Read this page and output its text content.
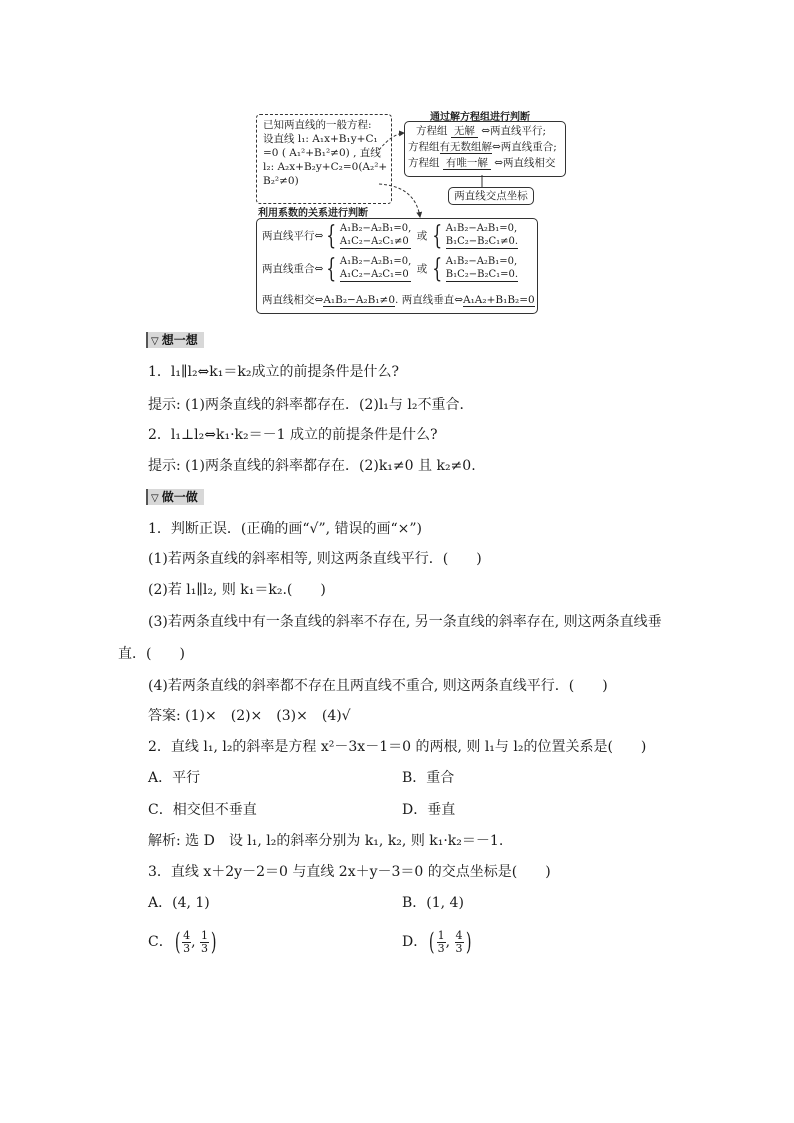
已知两直线的一般方程:
设直线 l₁: A₁x+B₁y+C₁
=0 ( A₁²+B₁²≠0) , 直线
l₂: A₂x+B₂y+C₂=0(A₂²+
B₂²≠0)
通过解方程组进行判断
方程组 无解 ⇔两直线平行;
方程组有无数组解⇔两直线重合;
方程组 有唯一解 ⇔两直线相交
两直线交点坐标
利用系数的关系进行判断
两直线平行⇔ { A₁B₂−A₂B₁=0,
A₁C₂−A₂C₁≠0 或 { A₁B₂−A₂B₁=0,
B₁C₂−B₂C₁≠0.
两直线重合⇔ { A₁B₂−A₂B₁=0,
A₁C₂−A₂C₁=0 或 { A₁B₂−A₂B₁=0,
B₁C₂−B₂C₁=0.
两直线相交⇔A₁B₂−A₂B₁≠0. 两直线垂直⇔A₁A₂+B₁B₂=0
▽ 想一想
1．l₁∥l₂⇔k₁＝k₂成立的前提条件是什么?
提示: (1)两条直线的斜率都存在．(2)l₁与 l₂不重合．
2．l₁⊥l₂⇔k₁·k₂＝－1 成立的前提条件是什么?
提示: (1)两条直线的斜率都存在．(2)k₁≠0 且 k₂≠0.
▽ 做一做
1．判断正误．(正确的画“√”, 错误的画“×”)
(1)若两条直线的斜率相等, 则这两条直线平行．(　　)
(2)若 l₁∥l₂, 则 k₁＝k₂.(　　)
(3)若两条直线中有一条直线的斜率不存在, 另一条直线的斜率存在, 则这两条直线垂
直．(　　)
(4)若两条直线的斜率都不存在且两直线不重合, 则这两条直线平行．(　　)
答案: (1)×　(2)×　(3)×　(4)√
2．直线 l₁, l₂的斜率是方程 x²－3x－1＝0 的两根, 则 l₁与 l₂的位置关系是(　　)
A．平行	B．重合
C．相交但不垂直	D．垂直
解析: 选 D　设 l₁, l₂的斜率分别为 k₁, k₂, 则 k₁·k₂＝－1.
3．直线 x＋2y－2＝0 与直线 2x＋y－3＝0 的交点坐标是(　　)
A．(4, 1)	B．(1, 4)
C．( $\frac{4}{3}$ , $\frac{1}{3}$ )	D．( $\frac{1}{3}$ , $\frac{4}{3}$ )
